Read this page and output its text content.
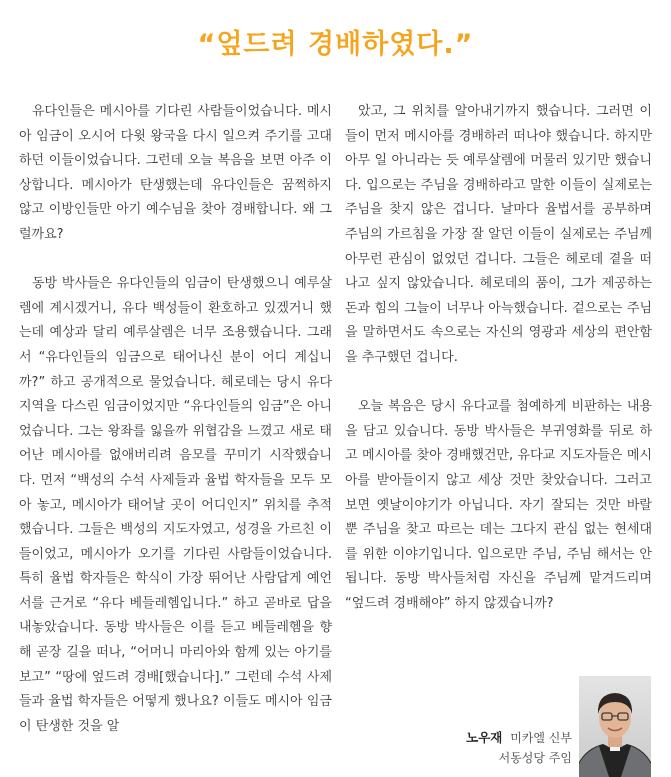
“엎드려 경배하였다.”

유다인들은 메시아를 기다린 사람들이었습니다. 메시아 임금이 오시어 다윗 왕국을 다시 일으켜 주기를 고대하던 이들이었습니다. 그런데 오늘 복음을 보면 아주 이상합니다. 메시아가 탄생했는데 유다인들은 꿈쩍하지 않고 이방인들만 아기 예수님을 찾아 경배합니다. 왜 그럴까요?

동방 박사들은 유다인들의 임금이 탄생했으니 예루살렘에 계시겠거니, 유다 백성들이 환호하고 있겠거니 했는데 예상과 달리 예루살렘은 너무 조용했습니다. 그래서 “유다인들의 임금으로 태어나신 분이 어디 계십니까?” 하고 공개적으로 물었습니다. 헤로데는 당시 유다 지역을 다스린 임금이었지만 “유다인들의 임금”은 아니었습니다. 그는 왕좌를 잃을까 위협감을 느꼈고 새로 태어난 메시아를 없애버리려 음모를 꾸미기 시작했습니다. 먼저 “백성의 수석 사제들과 율법 학자들을 모두 모아 놓고, 메시아가 태어날 곳이 어디인지” 위치를 추적했습니다. 그들은 백성의 지도자였고, 성경을 가르친 이들이었고, 메시아가 오기를 기다린 사람들이었습니다. 특히 율법 학자들은 학식이 가장 뛰어난 사람답게 예언서를 근거로 “유다 베들레헴입니다.” 하고 곧바로 답을 내놓았습니다. 동방 박사들은 이를 듣고 베들레헴을 향해 곧장 길을 떠나, “어머니 마리아와 함께 있는 아기를 보고” “땅에 엎드려 경배[했습니다].” 그런데 수석 사제들과 율법 학자들은 어떻게 했나요? 이들도 메시아 임금이 탄생한 것을 알

았고, 그 위치를 알아내기까지 했습니다. 그러면 이들이 먼저 메시아를 경배하러 떠나야 했습니다. 하지만 아무 일 아니라는 듯 예루살렘에 머물러 있기만 했습니다. 입으로는 주님을 경배하라고 말한 이들이 실제로는 주님을 찾지 않은 겁니다. 날마다 율법서를 공부하며 주님의 가르침을 가장 잘 알던 이들이 실제로는 주님께 아무런 관심이 없었던 겁니다. 그들은 헤로데 곁을 떠나고 싶지 않았습니다. 헤로데의 품이, 그가 제공하는 돈과 힘의 그늘이 너무나 아늑했습니다. 겉으로는 주님을 말하면서도 속으로는 자신의 영광과 세상의 편안함을 추구했던 겁니다.

오늘 복음은 당시 유다교를 첨예하게 비판하는 내용을 담고 있습니다. 동방 박사들은 부귀영화를 뒤로 하고 메시아를 찾아 경배했건만, 유다교 지도자들은 메시아를 받아들이지 않고 세상 것만 찾았습니다. 그러고 보면 옛날이야기가 아닙니다. 자기 잘되는 것만 바랄 뿐 주님을 찾고 따르는 데는 그다지 관심 없는 현세대를 위한 이야기입니다. 입으로만 주님, 주님 해서는 안 됩니다. 동방 박사들처럼 자신을 주님께 맡겨드리며 “엎드려 경배해야” 하지 않겠습니까?

노우재 미카엘 신부
서동성당 주임
